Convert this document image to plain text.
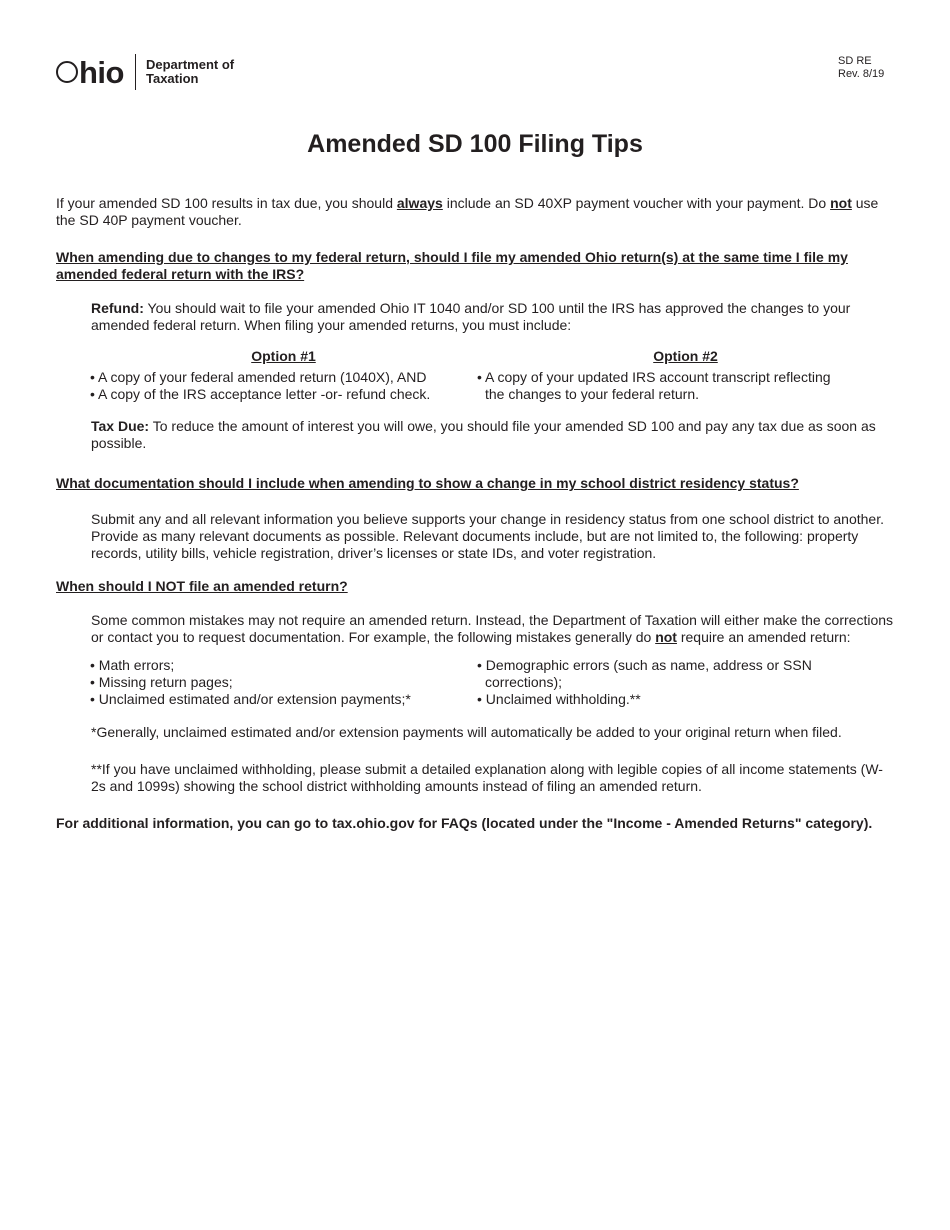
hio Department of
Taxation
SD RE
Rev. 8/19
Amended SD 100 Filing Tips

If your amended SD 100 results in tax due, you should always include an SD 40XP payment voucher with your payment. Do not use the SD 40P payment voucher.

When amending due to changes to my federal return, should I file my amended Ohio return(s) at the same time I file my amended federal return with the IRS?

Refund: You should wait to file your amended Ohio IT 1040 and/or SD 100 until the IRS has approved the changes to your amended federal return. When filing your amended returns, you must include:

Option #1
• A copy of your federal amended return (1040X), AND
• A copy of the IRS acceptance letter -or- refund check.
Option #2
• A copy of your updated IRS account transcript reflecting the changes to your federal return.

Tax Due: To reduce the amount of interest you will owe, you should file your amended SD 100 and pay any tax due as soon as possible.

What documentation should I include when amending to show a change in my school district residency status?

Submit any and all relevant information you believe supports your change in residency status from one school district to another. Provide as many relevant documents as possible. Relevant documents include, but are not limited to, the following: property records, utility bills, vehicle registration, driver’s licenses or state IDs, and voter registration.

When should I NOT file an amended return?

Some common mistakes may not require an amended return. Instead, the Department of Taxation will either make the corrections or contact you to request documentation. For example, the following mistakes generally do not require an amended return:

• Math errors;
• Missing return pages;
• Unclaimed estimated and/or extension payments;*
• Demographic errors (such as name, address or SSN corrections);
• Unclaimed withholding.**

*Generally, unclaimed estimated and/or extension payments will automatically be added to your original return when filed.

**If you have unclaimed withholding, please submit a detailed explanation along with legible copies of all income statements (W-2s and 1099s) showing the school district withholding amounts instead of filing an amended return.

For additional information, you can go to tax.ohio.gov for FAQs (located under the "Income - Amended Returns" category).
